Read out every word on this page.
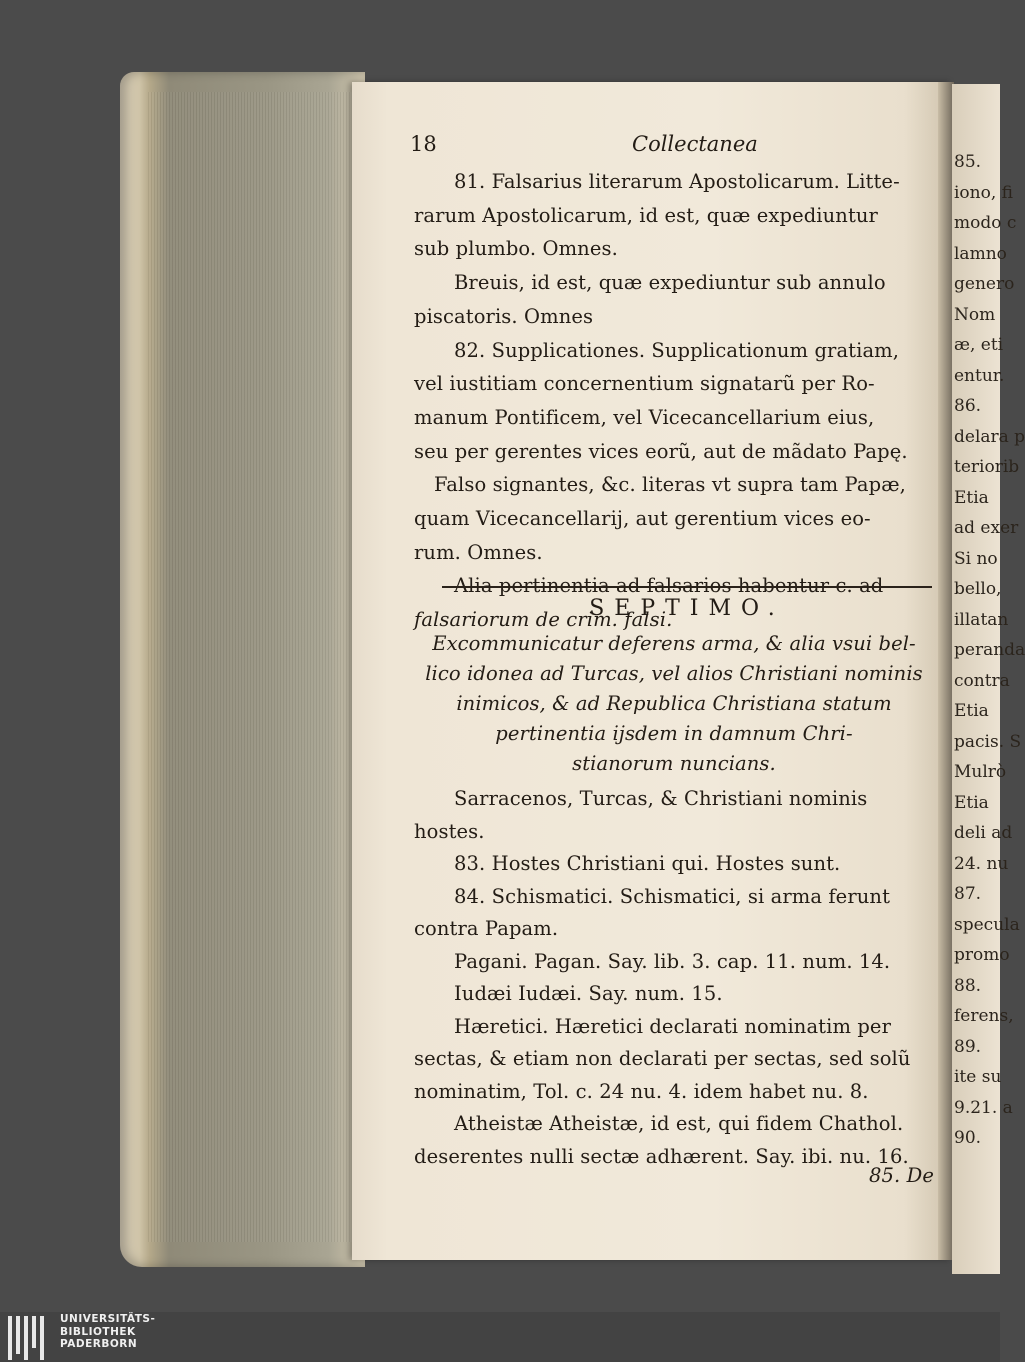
85.
iono, fi
modo c
lamno
genero
Nom
æ, eti
entur.
86.
delara p
teriorib
Etia
ad exer
Si no
bello,
illatan
peranda
contra
Etia
pacis. S
Mulrò
Etia
deli ad
24. nu
87.
specula
promo
88.
ferens,
89.
ite su
9.21. a
90.
18	Collectanea
81. Falsarius literarum Apostolicarum. Litte-
rarum Apostolicarum, id est, quæ expediuntur
sub plumbo. Omnes.
Breuis, id est, quæ expediuntur sub annulo
piscatoris. Omnes
82. Supplicationes. Supplicationum gratiam,
vel iustitiam concernentium signatarũ per Ro-
manum Pontificem, vel Vicecancellarium eius,
seu per gerentes vices eorũ, aut de mãdato Papę.
Falso signantes, &c. literas vt supra tam Papæ,
quam Vicecancellarij, aut gerentium vices eo-
rum. Omnes.
Alia pertinentia ad falsarios habentur c. ad
falsariorum de crim. falsi.
SEPTIMO.
Excommunicatur deferens arma, & alia vsui bel-
lico idonea ad Turcas, vel alios Christiani nominis
inimicos, & ad Republica Christiana statum
pertinentia ijsdem in damnum Chri-
stianorum nuncians.
Sarracenos, Turcas, & Christiani nominis
hostes.
83. Hostes Christiani qui. Hostes sunt.
84. Schismatici. Schismatici, si arma ferunt
contra Papam.
Pagani. Pagan. Say. lib. 3. cap. 11. num. 14.
Iudæi Iudæi. Say. num. 15.
Hæretici. Hæretici declarati nominatim per
sectas, & etiam non declarati per sectas, sed solũ
nominatim, Tol. c. 24 nu. 4. idem habet nu. 8.
Atheistæ Atheistæ, id est, qui fidem Chathol.
deserentes nulli sectæ adhærent. Say. ibi. nu. 16.
85. De
UNIVERSITÄTS-
BIBLIOTHEK
PADERBORN
